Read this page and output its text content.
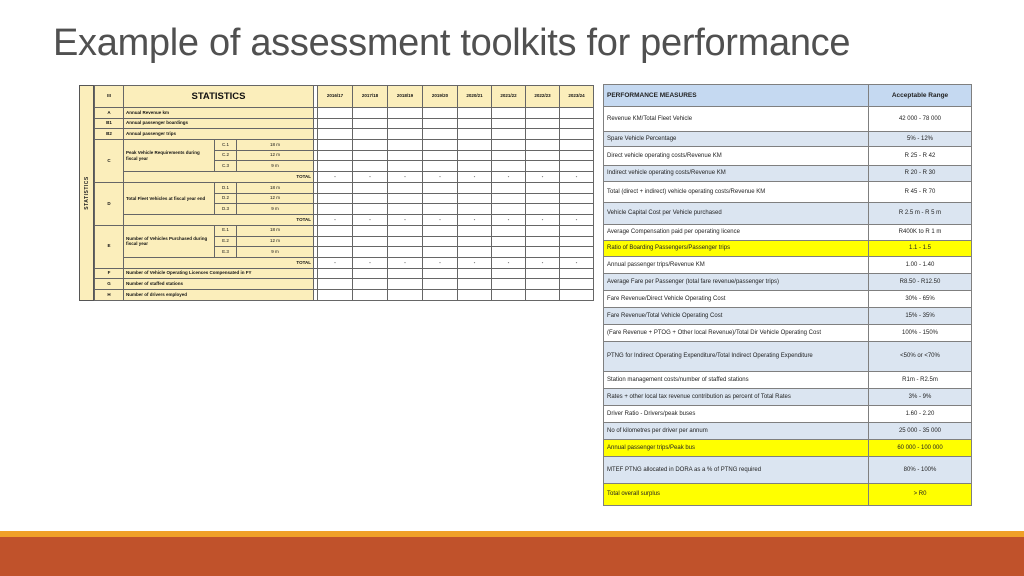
Example of assessment toolkits for performance
STATISTICS
III	STATISTICS				2016/17	2017/18	2018/19	2019/20	2020/21	2021/22	2022/23	2023/24
A	Annual Revenue km											
B1	Annual passenger boardings											
B2	Annual passenger trips											
C	Peak Vehicle Requirements during fiscal year	C.1	18 m									
		C.2	12 m									
		C.3	9 m									
	TOTAL				-	-	-	-	-	-	-	-
D	Total Fleet Vehicles at fiscal year end	D.1	18 m									
		D.2	12 m									
		D.3	9 m									
	TOTAL				-	-	-	-	-	-	-	-
E	Number of Vehicles Purchased during fiscal year	E.1	18 m									
		E.2	12 m									
		E.3	9 m									
	TOTAL				-	-	-	-	-	-	-	-
F	Number of Vehicle Operating Licences Compensated in FY											
G	Number of staffed stations											
H	Number of drivers employed											
PERFORMANCE MEASURES	Acceptable Range
Revenue KM/Total Fleet Vehicle	42 000 - 78 000
Spare Vehicle Percentage	5% - 12%
Direct vehicle operating costs/Revenue KM	R 25 - R 42
Indirect vehicle operating costs/Revenue KM	R 20 - R 30
Total (direct + indirect) vehicle operating costs/Revenue KM	R 45 - R 70
Vehicle Capital Cost per Vehicle purchased	R 2.5 m - R 5 m
Average Compensation paid per operating licence	R400K to R 1 m
Ratio of Boarding Passengers/Passenger trips	1.1 - 1.5
Annual passenger trips/Revenue KM	1.00 - 1.40
Average Fare per Passenger (total fare revenue/passenger trips)	R8.50 - R12.50
Fare Revenue/Direct Vehicle Operating Cost	30% - 65%
Fare Revenue/Total Vehicle Operating Cost	15% - 35%
(Fare Revenue + PTOG + Other local Revenue)/Total Dir Vehicle Operating Cost	100% - 150%
PTNG for Indirect Operating Expenditure/Total Indirect Operating Expenditure	<50% or <70%
Station management costs/number of staffed stations	R1m - R2.5m
Rates + other local tax revenue contribution as percent of Total Rates	3% - 9%
Driver Ratio - Drivers/peak buses	1.60 - 2.20
No of kilometres per driver per annum	25 000 - 35 000
Annual passenger trips/Peak bus	60 000 - 100 000
MTEF PTNG allocated in DORA as a % of PTNG required	80% - 100%
Total overall surplus	> R0
